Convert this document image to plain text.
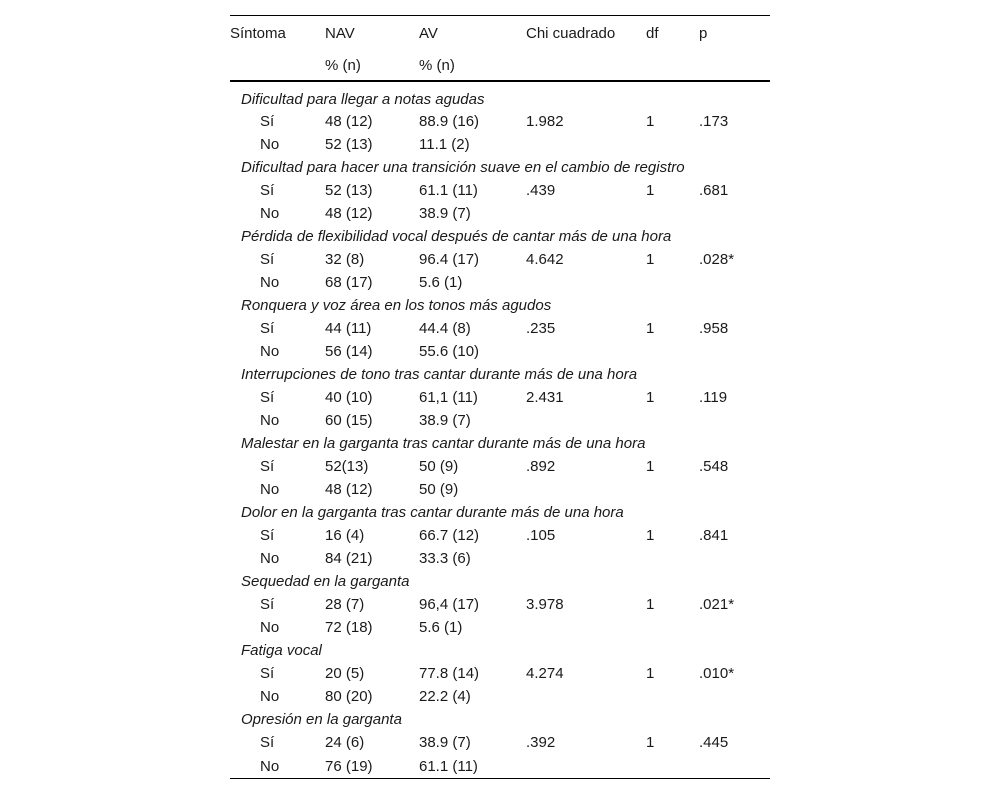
Síntoma	NAV	AV	Chi cuadrado	df	p
	% (n)	% (n)			
Dificultad para llegar a notas agudas					
Sí	48 (12)	88.9 (16)	1.982	1	.173
No	52 (13)	11.1 (2)			
Dificultad para hacer una transición suave en el cambio de registro					
Sí	52 (13)	61.1 (11)	.439	1	.681
No	48 (12)	38.9 (7)			
Pérdida de flexibilidad vocal después de cantar más de una hora					
Sí	32 (8)	96.4 (17)	4.642	1	.028*
No	68 (17)	5.6 (1)			
Ronquera y voz área en los tonos más agudos					
Sí	44 (11)	44.4 (8)	.235	1	.958
No	56 (14)	55.6 (10)			
Interrupciones de tono tras cantar durante más de una hora					
Sí	40 (10)	61,1 (11)	2.431	1	.119
No	60 (15)	38.9 (7)			
Malestar en la garganta tras cantar durante más de una hora					
Sí	52(13)	50 (9)	.892	1	.548
No	48 (12)	50 (9)			
Dolor en la garganta tras cantar durante más de una hora					
Sí	16 (4)	66.7 (12)	.105	1	.841
No	84 (21)	33.3 (6)			
Sequedad en la garganta					
Sí	28 (7)	96,4 (17)	3.978	1	.021*
No	72 (18)	5.6 (1)			
Fatiga vocal					
Sí	20 (5)	77.8 (14)	4.274	1	.010*
No	80 (20)	22.2 (4)			
Opresión en la garganta					
Sí	24 (6)	38.9 (7)	.392	1	.445
No	76 (19)	61.1 (11)			
